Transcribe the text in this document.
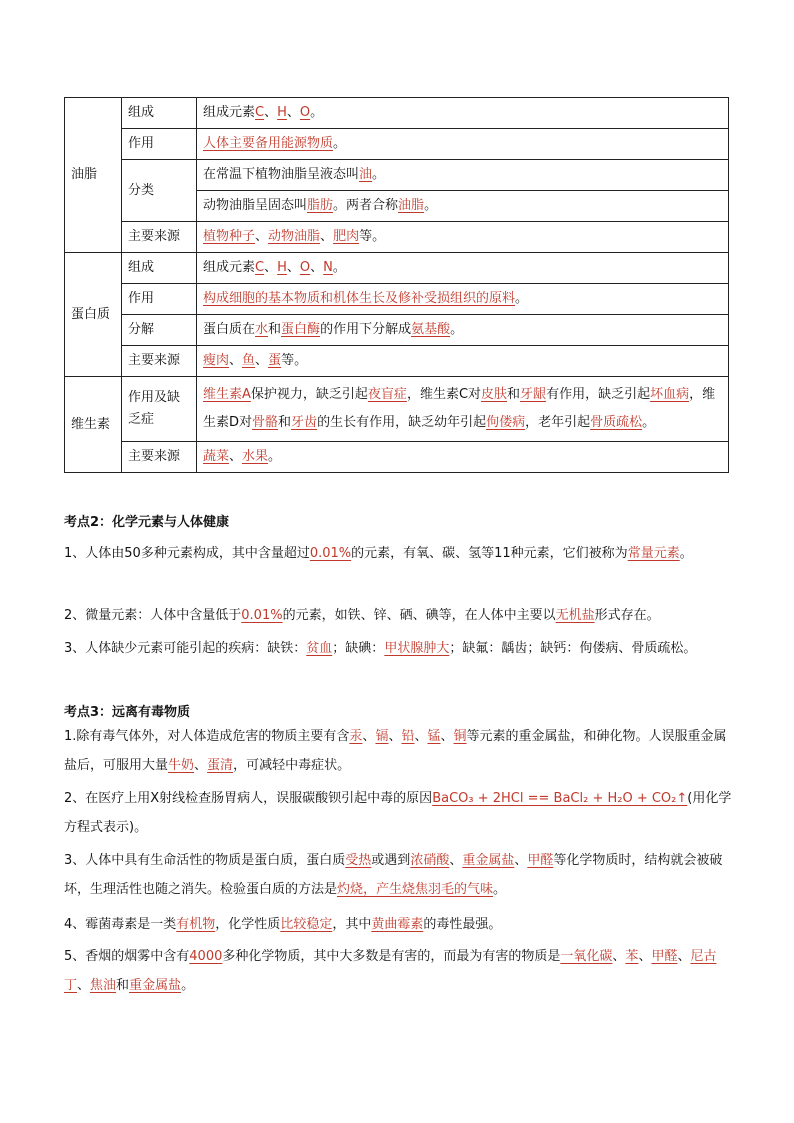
油脂	组成	组成元素C、H、O。
	作用	人体主要备用能源物质。
	分类	在常温下植物油脂呈液态叫油。
		动物油脂呈固态叫脂肪。两者合称油脂。
	主要来源	植物种子、动物油脂、肥肉等。
蛋白质	组成	组成元素C、H、O、N。
	作用	构成细胞的基本物质和机体生长及修补受损组织的原料。
	分解	蛋白质在水和蛋白酶的作用下分解成氨基酸。
	主要来源	瘦肉、鱼、蛋等。
维生素	作用及缺乏症	维生素A保护视力，缺乏引起夜盲症，维生素C对皮肤和牙龈有作用，缺乏引起坏血病，维生素D对骨骼和牙齿的生长有作用，缺乏幼年引起佝偻病，老年引起骨质疏松。
	主要来源	蔬菜、水果。
考点2：化学元素与人体健康
1、人体由50多种元素构成，其中含量超过0.01%的元素，有氧、碳、氢等11种元素，它们被称为常量元素。
2、微量元素：人体中含量低于0.01%的元素，如铁、锌、硒、碘等，在人体中主要以无机盐形式存在。
3、人体缺少元素可能引起的疾病：缺铁：贫血；缺碘：甲状腺肿大；缺氟：龋齿；缺钙：佝偻病、骨质疏松。
考点3：远离有毒物质
1.除有毒气体外，对人体造成危害的物质主要有含汞、镉、铅、锰、铜等元素的重金属盐，和砷化物。人误服重金属盐后，可服用大量牛奶、蛋清，可减轻中毒症状。
2、在医疗上用X射线检查肠胃病人，误服碳酸钡引起中毒的原因BaCO₃ + 2HCl == BaCl₂ + H₂O + CO₂↑(用化学方程式表示)。
3、人体中具有生命活性的物质是蛋白质，蛋白质受热或遇到浓硝酸、重金属盐、甲醛等化学物质时，结构就会被破坏，生理活性也随之消失。检验蛋白质的方法是灼烧，产生烧焦羽毛的气味。
4、霉菌毒素是一类有机物，化学性质比较稳定，其中黄曲霉素的毒性最强。
5、香烟的烟雾中含有4000多种化学物质，其中大多数是有害的，而最为有害的物质是一氧化碳、苯、甲醛、尼古丁、焦油和重金属盐。
